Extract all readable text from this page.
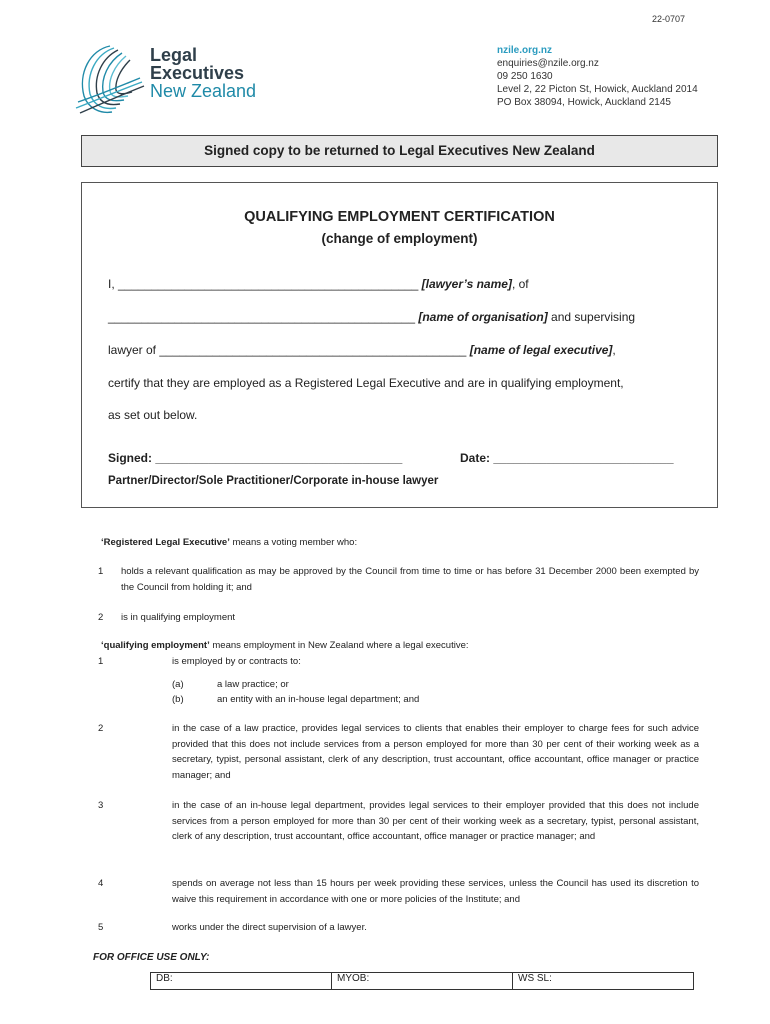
22-0707
Legal
Executives
New Zealand
nzile.org.nz
enquiries@nzile.org.nz
09 250 1630
Level 2, 22 Picton St, Howick, Auckland 2014
PO Box 38094, Howick, Auckland 2145
Signed copy to be returned to Legal Executives New Zealand
QUALIFYING EMPLOYMENT CERTIFICATION
(change of employment)
I, _____________________________________________ [lawyer’s name], of
______________________________________________ [name of organisation] and supervising
lawyer of ______________________________________________ [name of legal executive],
certify that they are employed as a Registered Legal Executive and are in qualifying employment,
as set out below.
Signed: _____________________________________	Date: ___________________________
Partner/Director/Sole Practitioner/Corporate in-house lawyer
‘Registered Legal Executive’ means a voting member who:
1 holds a relevant qualification as may be approved by the Council from time to time or has before 31 December 2000 been exempted by the Council from holding it; and
2 is in qualifying employment
‘qualifying employment’ means employment in New Zealand where a legal executive:
1	is employed by or contracts to:
(a)	a law practice; or
(b)	an entity with an in-house legal department; and
2	in the case of a law practice, provides legal services to clients that enables their employer to charge fees for such advice provided that this does not include services from a person employed for more than 30 per cent of their working week as a secretary, typist, personal assistant, clerk of any description, trust accountant, office accountant, office manager or practice manager; and
3	in the case of an in-house legal department, provides legal services to their employer provided that this does not include services from a person employed for more than 30 per cent of their working week as a secretary, typist, personal assistant, clerk of any description, trust accountant, office accountant, office manager or practice manager; and
4	spends on average not less than 15 hours per week providing these services, unless the Council has used its discretion to waive this requirement in accordance with one or more policies of the Institute; and
5	works under the direct supervision of a lawyer.
FOR OFFICE USE ONLY:
DB:	MYOB:	WS SL:
